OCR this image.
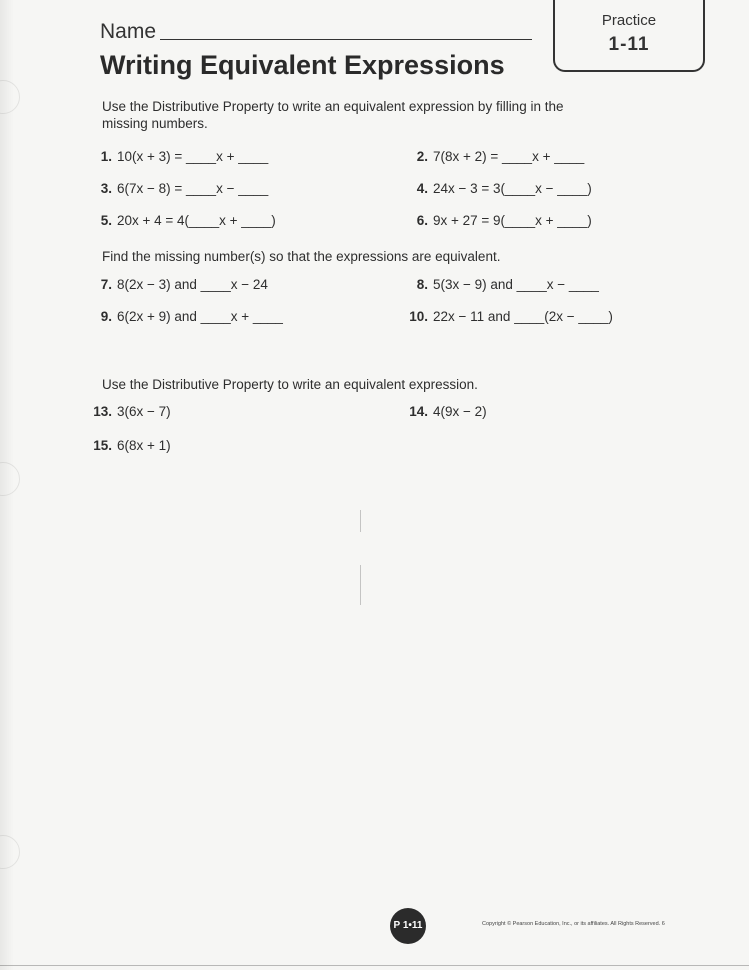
Name
Writing Equivalent Expressions
Practice
1-11

Use the Distributive Property to write an equivalent expression by filling in the missing numbers.

1. 10(x + 3) = ____x + ____	2. 7(8x + 2) = ____x + ____
3. 6(7x − 8) = ____x − ____	4. 24x − 3 = 3(____x − ____)
5. 20x + 4 = 4(____x + ____)	6. 9x + 27 = 9(____x + ____)

Find the missing number(s) so that the expressions are equivalent.

7. 8(2x − 3) and ____x − 24	8. 5(3x − 9) and ____x − ____
9. 6(2x + 9) and ____x + ____	10. 22x − 11 and ____(2x − ____)

Use the Distributive Property to write an equivalent expression.

13. 3(6x − 7)	14. 4(9x − 2)
15. 6(8x + 1)
P 1•11	Copyright © Pearson Education, Inc., or its affiliates. All Rights Reserved. 6
